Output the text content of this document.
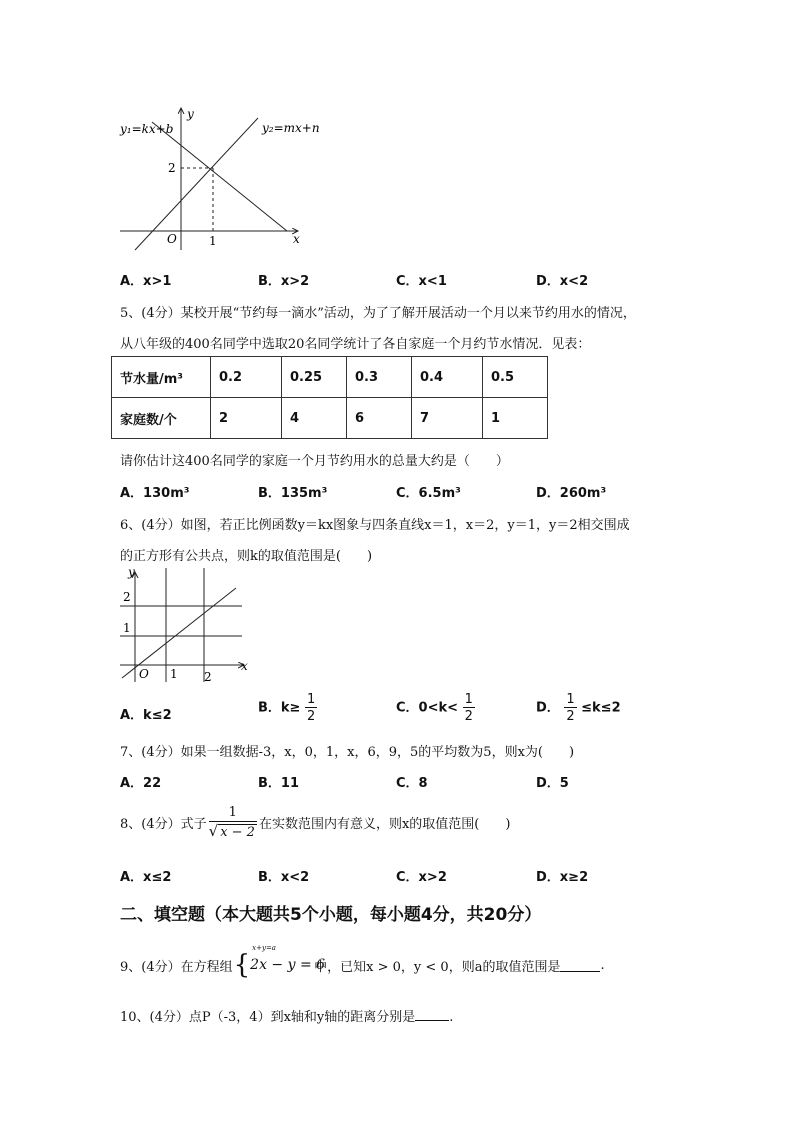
y
x
O
2
1
y₁=kx+b	y₂=mx+n
A．x>1	B．x>2	C．x<1	D．x<2
5、(4分）某校开展“节约每一滴水”活动，为了了解开展活动一个月以来节约用水的情况，
从八年级的400名同学中选取20名同学统计了各自家庭一个月约节水情况．见表：
节水量/m³	0.2	0.25	0.3	0.4	0.5
家庭数/个	2	4	6	7	1
请你估计这400名同学的家庭一个月节约用水的总量大约是（　　）
A．130m³	B．135m³	C．6.5m³	D．260m³
6、(4分）如图，若正比例函数y＝kx图象与四条直线x＝1，x＝2，y＝1，y＝2相交围成
的正方形有公共点，则k的取值范围是(　　)
y
x
O
1
2
1 2
A．k≤2	B．$k\ge \frac{1}{2}$	C．$0<k< \frac{1}{2}$	D． $\frac{1}{2} \le k\le 2$
7、(4分）如果一组数据-3，x，0，1，x，6，9，5的平均数为5，则x为(　　)
A．22	B．11	C．8	D．5
8、(4分）式子 $\frac{1}{√ x - 2}$ 在实数范围内有意义，则x的取值范围(　　)
A．x≤2	B．x<2	C．x>2	D．x≥2
二、填空题（本大题共5个小题，每小题4分，共20分）
9、(4分）在方程组 {
x+y=a
2x − y = 6
中，已知x > 0，y < 0，则a的取值范围是	.
10、(4分）点P（-3，4）到x轴和y轴的距离分别是	.
